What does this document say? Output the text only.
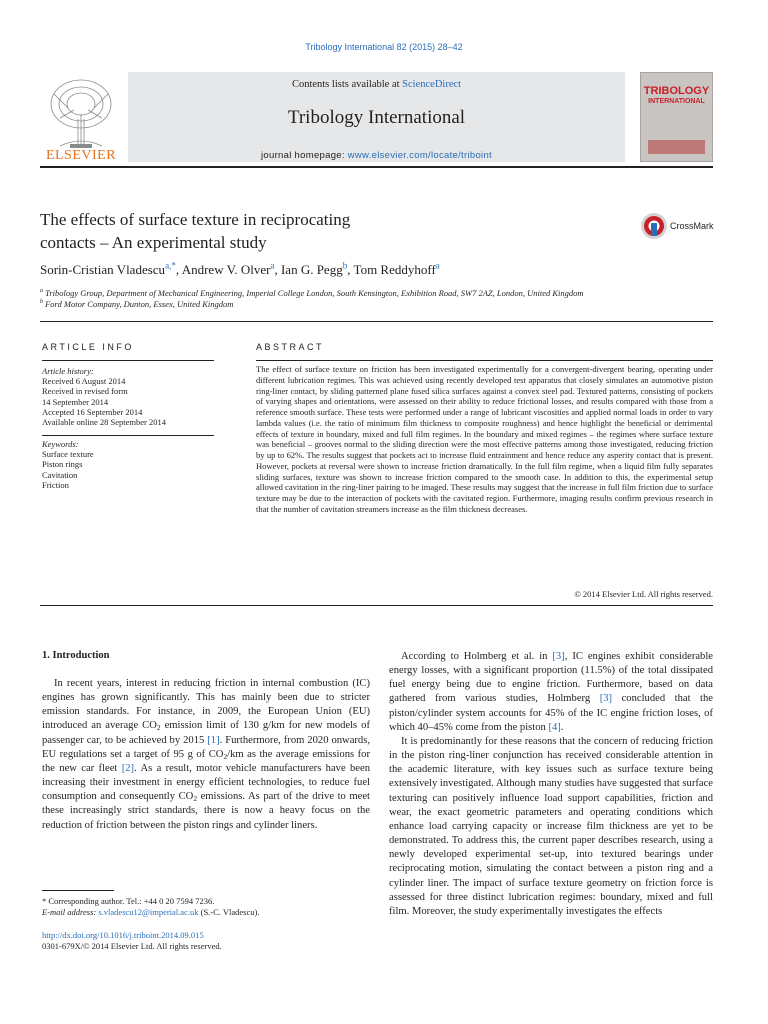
Tribology International 82 (2015) 28–42
Contents lists available at ScienceDirect
Tribology International
journal homepage: www.elsevier.com/locate/triboint
ELSEVIER
TRIBOLOGY
INTERNATIONAL
The effects of surface texture in reciprocating
contacts – An experimental study
CrossMark
Sorin-Cristian Vladescu$^{a,*}$, Andrew V. Olver$^a$, Ian G. Pegg$^b$, Tom Reddyhoff$^a$
$^a$ Tribology Group, Department of Mechanical Engineering, Imperial College London, South Kensington, Exhibition Road, SW7 2AZ, London, United Kingdom
$^b$ Ford Motor Company, Dunton, Essex, United Kingdom
ARTICLE INFO	ABSTRACT
Article history:
Received 6 August 2014
Received in revised form
14 September 2014
Accepted 16 September 2014
Available online 28 September 2014
Keywords:
Surface texture
Piston rings
Cavitation
Friction
The effect of surface texture on friction has been investigated experimentally for a convergent-divergent bearing, operating under different lubrication regimes. This was achieved using recently developed test apparatus that closely simulates an automotive piston ring-liner contact, by sliding patterned plane fused silica surfaces against a convex steel pad. Textured patterns, consisting of pockets of varying shapes and orientations, were assessed on their ability to reduce frictional losses, and results compared with those from a reference smooth surface. These tests were performed under a range of lubricant viscosities and applied normal loads in order to vary lambda values (i.e. the ratio of minimum film thickness to composite roughness) and hence highlight the beneficial or detrimental effects of texture in boundary, mixed and full film regimes. In the boundary and mixed regimes – the regimes where surface texture was beneficial – grooves normal to the sliding direction were the most effective patterns among those investigated, reducing friction by up to 62%. The results suggest that pockets act to increase fluid entrainment and hence reduce any asperity contact that is present. However, pockets at reversal were shown to increase friction dramatically. In the full film regime, when a liquid film fully separates sliding surfaces, texture was shown to increase friction compared to the smooth case. In addition to this, the experimental setup allowed cavitation in the ring-liner pairing to be imaged. These results may suggest that the increase in full film friction due to surface texture may be due to the interaction of pockets with the cavitated region. Furthermore, imaging results confirm previous research in that the number of cavitation streamers increase as the film thickness decreases.
© 2014 Elsevier Ltd. All rights reserved.
1. Introduction

In recent years, interest in reducing friction in internal combustion (IC) engines has grown significantly. This has mainly been due to stricter emission standards. For instance, in 2009, the European Union (EU) introduced an average $CO_2$ emission limit of 130 g/km for new models of passenger car, to be achieved by 2015 [1]. Furthermore, from 2020 onwards, EU regulations set a target of 95 g of $CO_2/km$ as the average emissions for the new car fleet [2]. As a result, motor vehicle manufacturers have been increasing their investment in energy efficient technologies, to reduce fuel consumption and consequently $CO_2$ emissions. As part of the drive to meet these increasingly strict standards, there is now a heavy focus on the reduction of friction between the piston rings and cylinder liners.

According to Holmberg et al. in [3], IC engines exhibit considerable energy losses, with a significant proportion (11.5%) of the total dissipated fuel energy being due to engine friction. Furthermore, based on data gathered from various studies, Holmberg [3] concluded that the piston/cylinder system accounts for 45% of the IC engine friction loses, of which 40–45% come from the piston [4].

It is predominantly for these reasons that the concern of reducing friction in the piston ring-liner conjunction has received considerable attention in the academic literature, with key issues such as surface texture being extensively investigated. Although many studies have suggested that surface texturing can positively influence load support capabilities, friction and wear, the exact geometric parameters and operating conditions which enhance load carrying capacity or increase film thickness are yet to be demonstrated. To address this, the current paper describes research, using a newly developed experimental set-up, into textured bearings under reciprocating motion, simulating the contact between a piston ring and a cylinder liner. The impact of surface texture geometry on friction force is assessed for three distinct lubrication regimes: boundary, mixed and full film. Moreover, the study experimentally investigates the effects

* Corresponding author. Tel.: +44 0 20 7594 7236.
E-mail address: s.vladescu12@imperial.ac.uk (S.-C. Vladescu).
http://dx.doi.org/10.1016/j.triboint.2014.09.015
0301-679X/© 2014 Elsevier Ltd. All rights reserved.
